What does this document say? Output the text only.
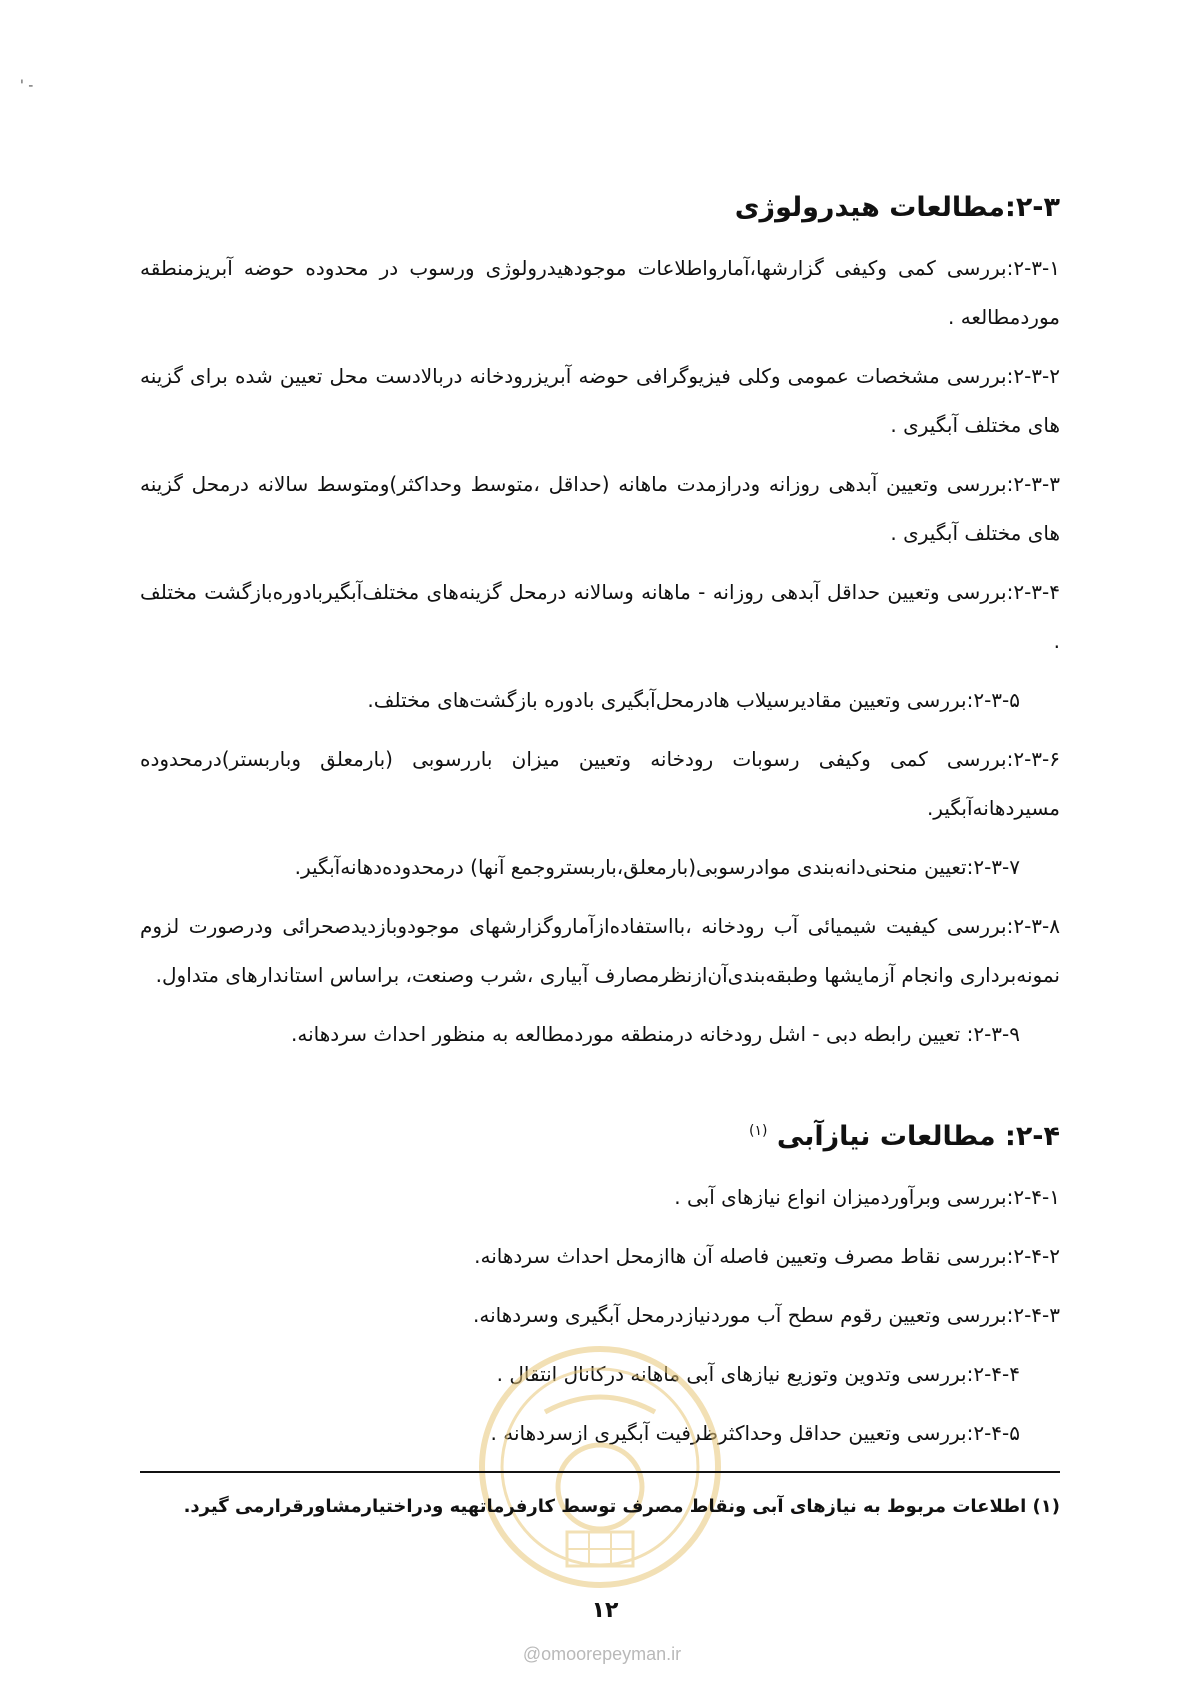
' -
۲-۳:مطالعات هیدرولوژی
۲-۳-۱:بررسی کمی وکیفی گزارشها،آماروا‌طلاعات موجودهیدرولوژی ورسوب در محدوده حوضه آبریزمنطقه موردمطالعه .
۲-۳-۲:بررسی مشخصات عمومی وکلی فیزیوگرافی حوضه آبریزرودخانه دربالادست محل تعیین شده برای گزینه های مختلف آبگیری .
۲-۳-۳:بررسی وتعیین آبدهی روزانه ودرازمدت ماهانه (حداقل ،متوسط وحداکثر)ومتوسط سالانه درمحل گزینه های مختلف آبگیری .
۲-۳-۴:بررسی وتعیین حداقل آبدهی روزانه - ماهانه وسالانه درمحل گزینه‌های مختلف‌آبگیربادوره‌بازگشت مختلف .
۲-۳-۵:بررسی وتعیین مقادیرسیلاب هادرمحل‌آبگیری بادوره بازگشت‌های مختلف.
۲-۳-۶:بررسی کمی وکیفی رسوبات رودخانه وتعیین میزان باررسوبی (بارمعلق وباربستر)درمحدوده مسیردهانه‌آبگیر.
۲-۳-۷:تعیین منحنی‌دانه‌بندی موادرسوبی(بارمعلق،باربستروجمع آنها) درمحدوده‌دهانه‌آبگیر.
۲-۳-۸:بررسی کیفیت شیمیائی آب رودخانه ،بااستفاده‌ازآماروگزارشهای موجودوبازدیدصحرائی ودرصورت لزوم نمونه‌برداری وانجام آزمایشها وطبقه‌بندی‌آن‌ازنظرمصارف آبیاری ،شرب وصنعت، براساس استاندارهای متداول.
۲-۳-۹: تعیین رابطه دبی - اشل رودخانه درمنطقه موردمطالعه به منظور احداث سردهانه.
۲-۴: مطالعات نیازآبی $^{(۱)}$
۲-۴-۱:بررسی وبرآوردمیزان انواع نیازهای آبی .
۲-۴-۲:بررسی نقاط مصرف وتعیین فاصله آن هاازمحل احداث سردهانه.
۲-۴-۳:بررسی وتعیین رقوم سطح آب موردنیازدرمحل آبگیری وسردهانه.
۲-۴-۴:بررسی وتدوین وتوزیع نیازهای آبی ماهانه درکانال انتقال .
۲-۴-۵:بررسی وتعیین حداقل وحداکثرظرفیت آبگیری ازسردهانه .
(۱) اطلاعات مربوط به نیازهای آبی ونقاط مصرف توسط کارفرماتهیه ودراختیارمشاورقرارمی گیرد.
۱۲
@omoorepeyman.ir
